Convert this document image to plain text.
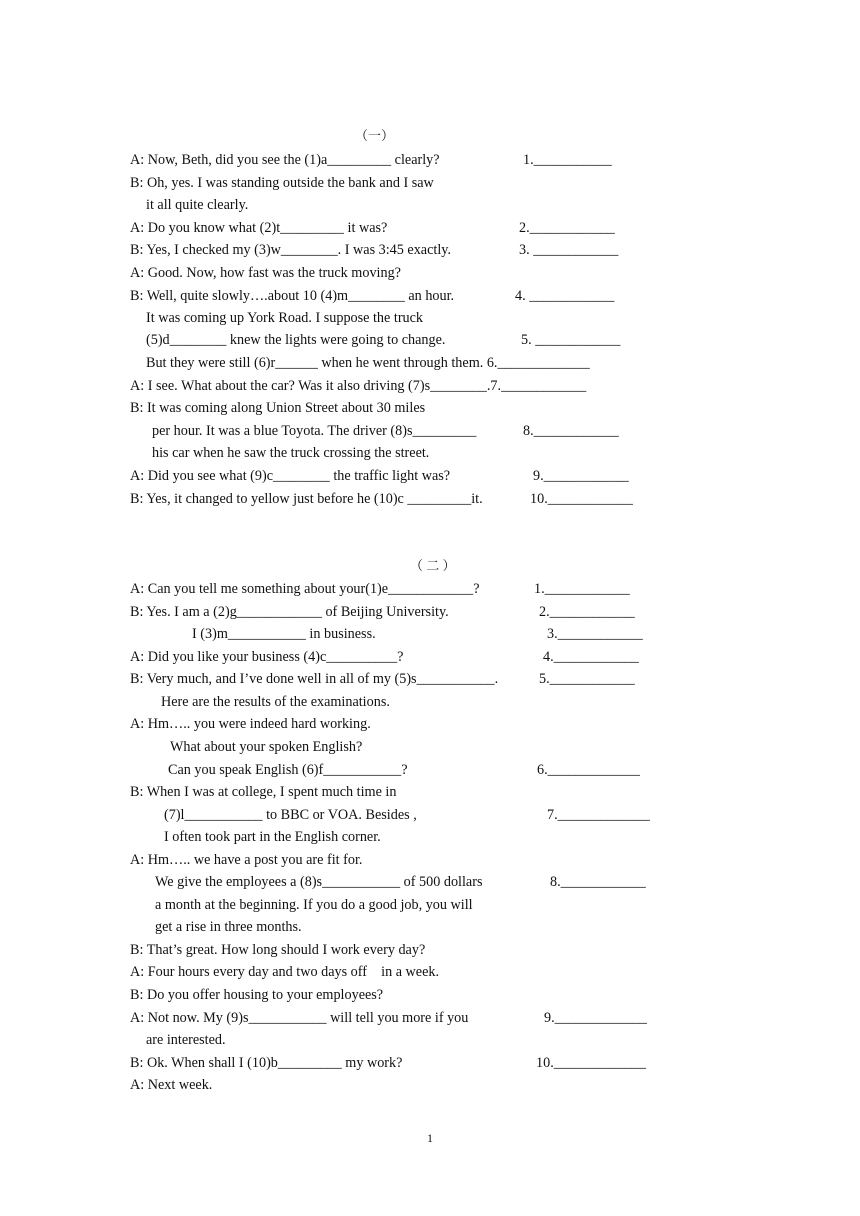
（一）
A: Now, Beth, did you see the (1)a_________ clearly?	1.___________
B: Oh, yes. I was standing outside the bank and I saw
it all quite clearly.
A: Do you know what (2)t_________ it was?	2.____________
B: Yes, I checked my (3)w________. I was 3:45 exactly.	3. ____________
A: Good. Now, how fast was the truck moving?
B: Well, quite slowly….about 10 (4)m________ an hour.	4. ____________
It was coming up York Road. I suppose the truck
(5)d________ knew the lights were going to change.	5. ____________
But they were still (6)r______ when he went through them. 6._____________
A: I see. What about the car? Was it also driving (7)s________.7.____________
B: It was coming along Union Street about 30 miles
per hour. It was a blue Toyota. The driver (8)s_________	8.____________
his car when he saw the truck crossing the street.
A: Did you see what (9)c________ the traffic light was?	9.____________
B: Yes, it changed to yellow just before he (10)c _________it.	10.____________
（ 二 ）
A: Can you tell me something about your(1)e____________?	1.____________
B: Yes. I am a (2)g____________ of Beijing University.	2.____________
I (3)m___________ in business.	3.____________
A: Did you like your business (4)c__________?	4.____________
B: Very much, and I’ve done well in all of my (5)s___________.	5.____________
Here are the results of the examinations.
A: Hm….. you were indeed hard working.
What about your spoken English?
Can you speak English (6)f___________?	6._____________
B: When I was at college, I spent much time in
(7)l___________ to BBC or VOA. Besides ,	7._____________
I often took part in the English corner.
A: Hm….. we have a post you are fit for.
We give the employees a (8)s___________ of 500 dollars	8.____________
a month at the beginning. If you do a good job, you will
get a rise in three months.
B: That’s great. How long should I work every day?
A: Four hours every day and two days off    in a week.
B: Do you offer housing to your employees?
A: Not now. My (9)s___________ will tell you more if you	9._____________
are interested.
B: Ok. When shall I (10)b_________ my work?	10._____________
A: Next week.
1
